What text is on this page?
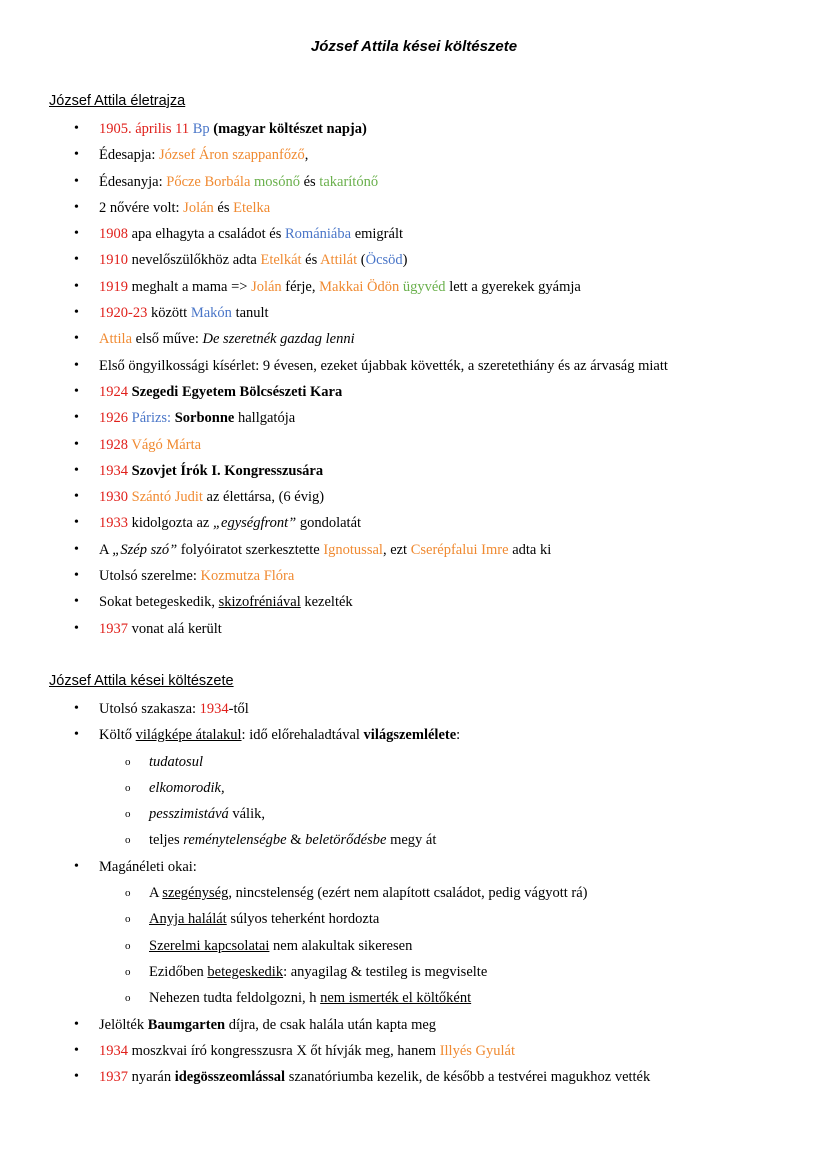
József Attila kései költészete
József Attila életrajza
• 1905. április 11 Bp (magyar költészet napja)
• Édesapja: József Áron szappanfőző,
• Édesanyja: Pőcze Borbála mosónő és takarítónő
• 2 nővére volt: Jolán és Etelka
• 1908 apa elhagyta a családot és Romániába emigrált
• 1910 nevelőszülőkhöz adta Etelkát és Attilát (Öcsöd)
• 1919 meghalt a mama => Jolán férje, Makkai Ödön ügyvéd lett a gyerekek gyámja
• 1920-23 között Makón tanult
• Attila első műve: De szeretnék gazdag lenni
• Első öngyilkossági kísérlet: 9 évesen, ezeket újabbak követték, a szeretethiány és az árvaság miatt
• 1924 Szegedi Egyetem Bölcsészeti Kara
• 1926 Párizs: Sorbonne hallgatója
• 1928 Vágó Márta
• 1934 Szovjet Írók I. Kongresszusára
• 1930 Szántó Judit az élettársa, (6 évig)
• 1933 kidolgozta az „egységfront” gondolatát
• A „Szép szó” folyóiratot szerkesztette Ignotussal, ezt Cserépfalui Imre adta ki
• Utolsó szerelme: Kozmutza Flóra
• Sokat betegeskedik, skizofréniával kezelték
• 1937 vonat alá került
József Attila kései költészete
• Utolsó szakasza: 1934-től
• Költő világképe átalakul: idő előrehaladtával világszemlélete:
o tudatosul
o elkomorodik,
o pesszimistává válik,
o teljes reménytelenségbe & beletörődésbe megy át
• Magánéleti okai:
o A szegénység, nincstelenség (ezért nem alapított családot, pedig vágyott rá)
o Anyja halálát súlyos teherként hordozta
o Szerelmi kapcsolatai nem alakultak sikeresen
o Ezidőben betegeskedik: anyagilag & testileg is megviselte
o Nehezen tudta feldolgozni, h nem ismerték el költőként
• Jelölték Baumgarten díjra, de csak halála után kapta meg
• 1934 moszkvai író kongresszusra X őt hívják meg, hanem Illyés Gyulát
• 1937 nyarán idegösszeomlással szanatóriumba kezelik, de később a testvérei magukhoz vették
